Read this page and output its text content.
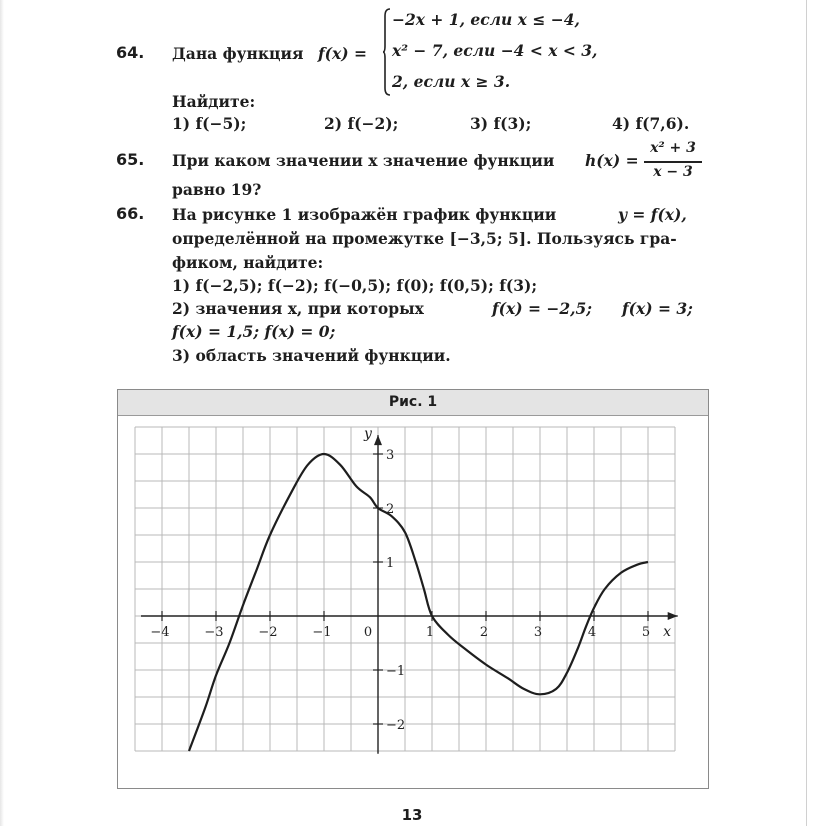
64. Дана функция f(x) =
−2x + 1, если x ≤ −4,
x² − 7, если −4 < x < 3,
2, если x ≥ 3.
Найдите:
1) f(−5);	2) f(−2);	3) f(3);	4) f(7,6).
65. При каком значении x значение функции h(x) =
x² + 3
x − 3
равно 19?
66. На рисунке 1 изображён график функции	y = f(x),
определённой на промежутке [−3,5; 5]. Пользуясь гра-
фиком, найдите:
1) f(−2,5); f(−2); f(−0,5); f(0); f(0,5); f(3);
2) значения x, при которых	f(x) = −2,5; f(x) = 3;
f(x) = 1,5; f(x) = 0;
3) область значений функции.
Рис. 1
−4	−3	−2	−1 0	1	2	3	4	5
−2
−1
1
2
3
x
y
13
